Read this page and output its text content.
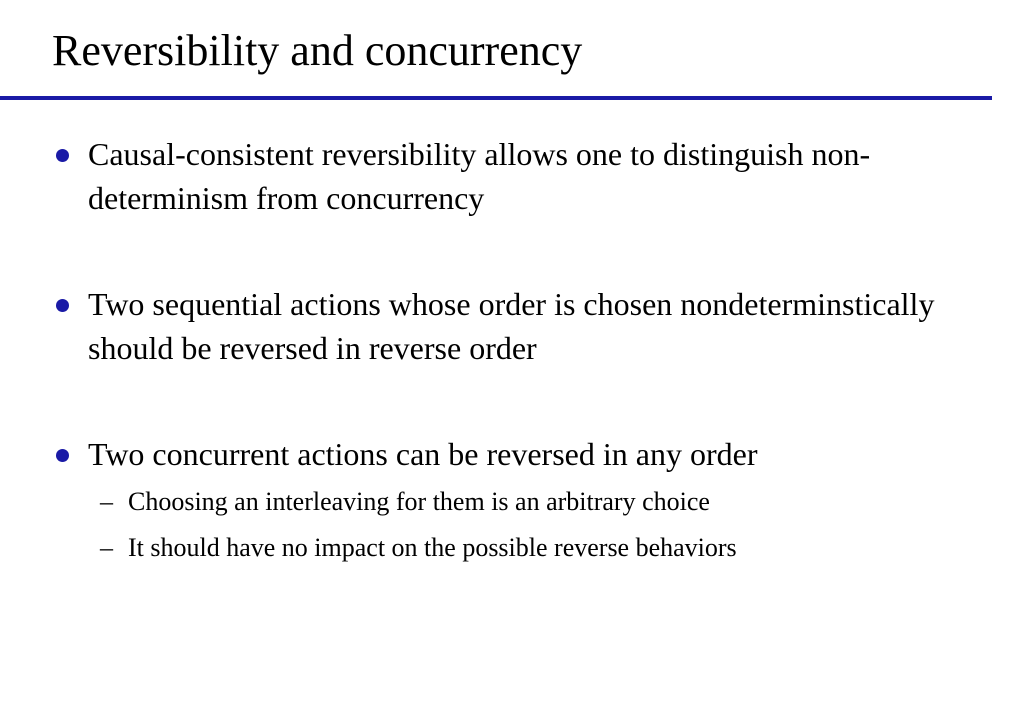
Reversibility and concurrency
Causal-consistent reversibility allows one to distinguish non-determinism from concurrency
Two sequential actions whose order is chosen nondeterminstically should be reversed in reverse order
Two concurrent actions can be reversed in any order
– Choosing an interleaving for them is an arbitrary choice
– It should have no impact on the possible reverse behaviors
